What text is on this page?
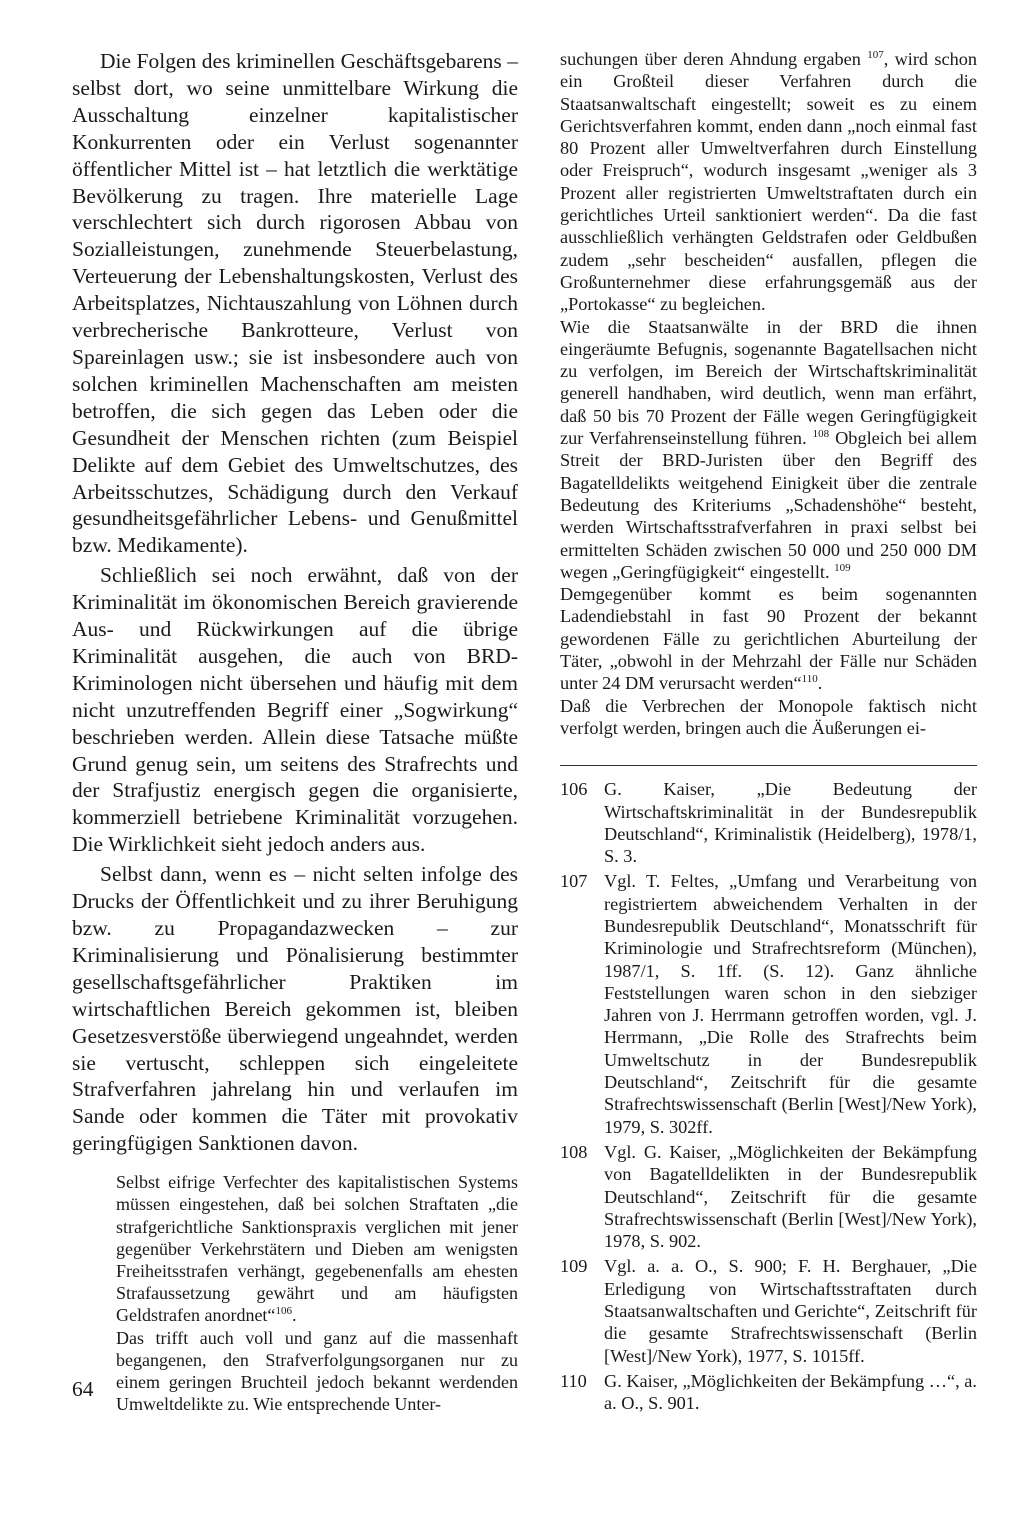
Die Folgen des kriminellen Geschäftsgebarens – selbst dort, wo seine unmittelbare Wirkung die Ausschaltung einzelner kapitalistischer Konkurrenten oder ein Verlust sogenannter öffentlicher Mittel ist – hat letztlich die werktätige Bevölkerung zu tragen. Ihre materielle Lage verschlechtert sich durch rigorosen Abbau von Sozialleistungen, zunehmende Steuerbelastung, Verteuerung der Lebenshaltungskosten, Verlust des Arbeitsplatzes, Nichtauszahlung von Löhnen durch verbrecherische Bankrotteure, Verlust von Spareinlagen usw.; sie ist insbesondere auch von solchen kriminellen Machenschaften am meisten betroffen, die sich gegen das Leben oder die Gesundheit der Menschen richten (zum Beispiel Delikte auf dem Gebiet des Umweltschutzes, des Arbeitsschutzes, Schädigung durch den Verkauf gesundheitsgefährlicher Lebens- und Genußmittel bzw. Medikamente).

Schließlich sei noch erwähnt, daß von der Kriminalität im ökonomischen Bereich gravierende Aus- und Rückwirkungen auf die übrige Kriminalität ausgehen, die auch von BRD-Kriminologen nicht übersehen und häufig mit dem nicht unzutreffenden Begriff einer „Sogwirkung“ beschrieben werden. Allein diese Tatsache müßte Grund genug sein, um seitens des Strafrechts und der Strafjustiz energisch gegen die organisierte, kommerziell betriebene Kriminalität vorzugehen. Die Wirklichkeit sieht jedoch anders aus.

Selbst dann, wenn es – nicht selten infolge des Drucks der Öffentlichkeit und zu ihrer Beruhigung bzw. zu Propagandazwecken – zur Kriminalisierung und Pönalisierung bestimmter gesellschaftsgefährlicher Praktiken im wirtschaftlichen Bereich gekommen ist, bleiben Gesetzesverstöße überwiegend ungeahndet, werden sie vertuscht, schleppen sich eingeleitete Strafverfahren jahrelang hin und verlaufen im Sande oder kommen die Täter mit provokativ geringfügigen Sanktionen davon.

Selbst eifrige Verfechter des kapitalistischen Systems müssen eingestehen, daß bei solchen Straftaten „die strafgerichtliche Sanktionspraxis verglichen mit jener gegenüber Verkehrstätern und Dieben am wenigsten Freiheitsstrafen verhängt, gegebenenfalls am ehesten Strafaussetzung gewährt und am häufigsten Geldstrafen anordnet“$^{106}$.

Das trifft auch voll und ganz auf die massenhaft begangenen, den Strafverfolgungsorganen nur zu einem geringen Bruchteil jedoch bekannt werdenden Umweltdelikte zu. Wie entsprechende Unter-

suchungen über deren Ahndung ergaben $^{107}$, wird schon ein Großteil dieser Verfahren durch die Staatsanwaltschaft eingestellt; soweit es zu einem Gerichtsverfahren kommt, enden dann „noch einmal fast 80 Prozent aller Umweltverfahren durch Einstellung oder Freispruch“, wodurch insgesamt „weniger als 3 Prozent aller registrierten Umweltstraftaten durch ein gerichtliches Urteil sanktioniert werden“. Da die fast ausschließlich verhängten Geldstrafen oder Geldbußen zudem „sehr bescheiden“ ausfallen, pflegen die Großunternehmer diese erfahrungsgemäß aus der „Portokasse“ zu begleichen.

Wie die Staatsanwälte in der BRD die ihnen eingeräumte Befugnis, sogenannte Bagatellsachen nicht zu verfolgen, im Bereich der Wirtschaftskriminalität generell handhaben, wird deutlich, wenn man erfährt, daß 50 bis 70 Prozent der Fälle wegen Geringfügigkeit zur Verfahrenseinstellung führen. $^{108}$ Obgleich bei allem Streit der BRD-Juristen über den Begriff des Bagatelldelikts weitgehend Einigkeit über die zentrale Bedeutung des Kriteriums „Schadenshöhe“ besteht, werden Wirtschaftsstrafverfahren in praxi selbst bei ermittelten Schäden zwischen 50 000 und 250 000 DM wegen „Geringfügigkeit“ eingestellt. $^{109}$

Demgegenüber kommt es beim sogenannten Ladendiebstahl in fast 90 Prozent der bekannt gewordenen Fälle zu gerichtlichen Aburteilung der Täter, „obwohl in der Mehrzahl der Fälle nur Schäden unter 24 DM verursacht werden“$^{110}$.

Daß die Verbrechen der Monopole faktisch nicht verfolgt werden, bringen auch die Äußerungen ei-

106 G. Kaiser, „Die Bedeutung der Wirtschaftskriminalität in der Bundesrepublik Deutschland“, Kriminalistik (Heidelberg), 1978/1, S. 3.
107 Vgl. T. Feltes, „Umfang und Verarbeitung von registriertem abweichendem Verhalten in der Bundesrepublik Deutschland“, Monatsschrift für Kriminologie und Strafrechtsreform (München), 1987/1, S. 1ff. (S. 12). Ganz ähnliche Feststellungen waren schon in den siebziger Jahren von J. Herrmann getroffen worden, vgl. J. Herrmann, „Die Rolle des Strafrechts beim Umweltschutz in der Bundesrepublik Deutschland“, Zeitschrift für die gesamte Strafrechtswissenschaft (Berlin [West]/New York), 1979, S. 302ff.
108 Vgl. G. Kaiser, „Möglichkeiten der Bekämpfung von Bagatelldelikten in der Bundesrepublik Deutschland“, Zeitschrift für die gesamte Strafrechtswissenschaft (Berlin [West]/New York), 1978, S. 902.
109 Vgl. a. a. O., S. 900; F. H. Berghauer, „Die Erledigung von Wirtschaftsstraftaten durch Staatsanwaltschaften und Gerichte“, Zeitschrift für die gesamte Strafrechtswissenschaft (Berlin [West]/New York), 1977, S. 1015ff.
110 G. Kaiser, „Möglichkeiten der Bekämpfung …“, a. a. O., S. 901.
64
